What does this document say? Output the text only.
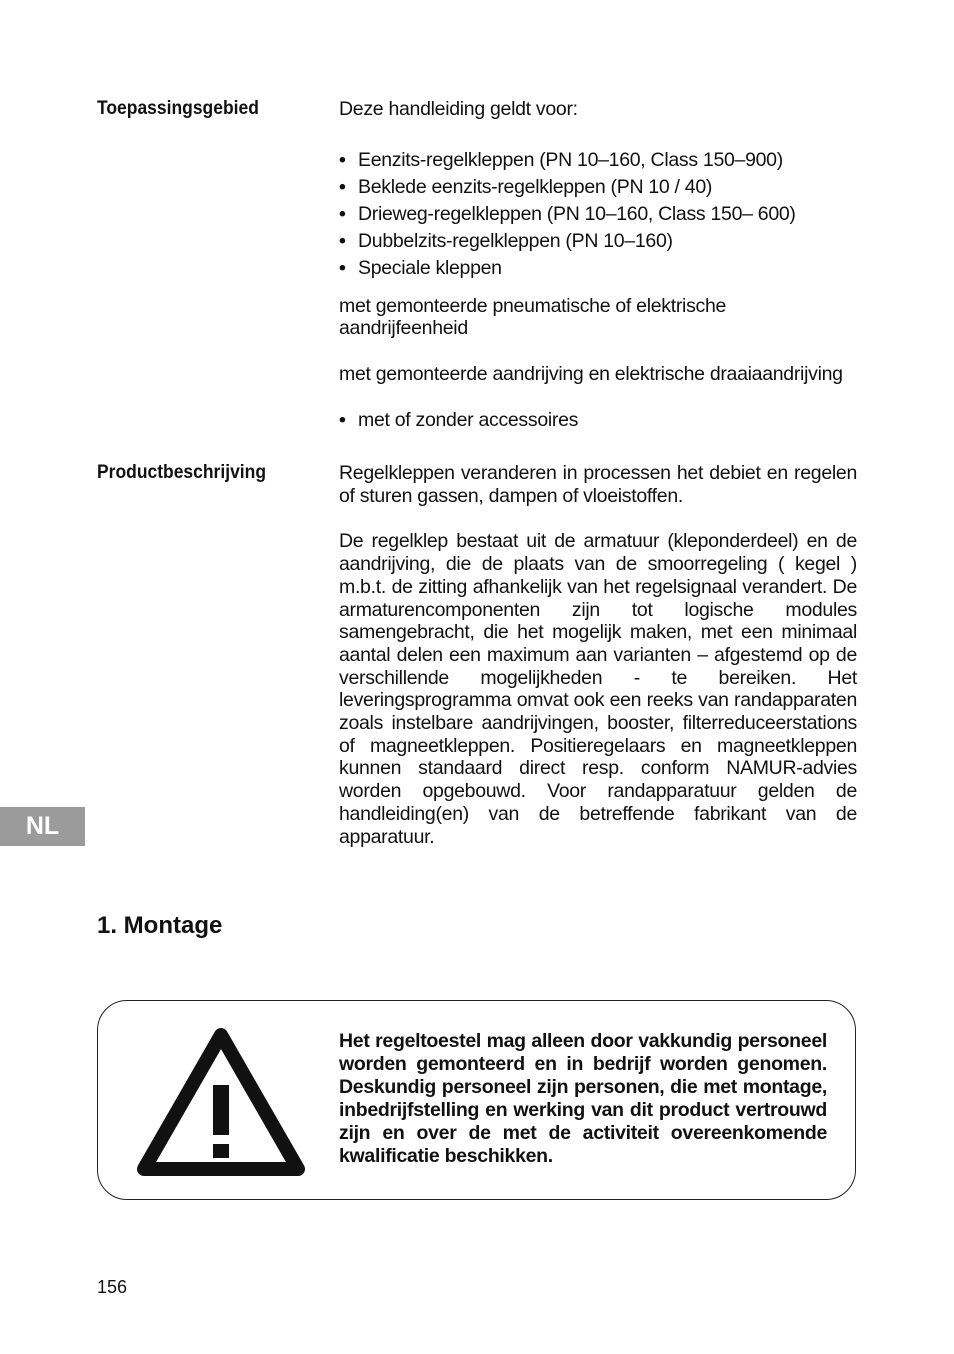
Toepassingsgebied	Deze handleiding geldt voor:

• Eenzits-regelkleppen (PN 10–160, Class 150–900)
• Beklede eenzits-regelkleppen (PN 10 / 40)
• Drieweg-regelkleppen (PN 10–160, Class 150– 600)
• Dubbelzits-regelkleppen (PN 10–160)
• Speciale kleppen

met gemonteerde pneumatische of elektrische aandrijfeenheid

met gemonteerde aandrijving en elektrische draaiaandrijving

• met of zonder accessoires
Productbeschrijving	Regelkleppen veranderen in processen het debiet en regelen of sturen gassen, dampen of vloeistoffen.

De regelklep bestaat uit de armatuur (kleponderdeel) en de aandrijving, die de plaats van de smoorregeling ( kegel ) m.b.t. de zitting afhankelijk van het regelsignaal verandert. De armaturencomponenten zijn tot logische modules samengebracht, die het mogelijk maken, met een minimaal aantal delen een maximum aan varianten – afgestemd op de verschillende mogelijkheden - te bereiken. Het leveringsprogramma omvat ook een reeks van randapparaten zoals instelbare aandrijvingen, booster, filterreduceerstations of magneetkleppen. Positieregelaars en magneetkleppen kunnen standaard direct resp. conform NAMUR-advies worden opgebouwd. Voor randapparatuur gelden de handleiding(en) van de betreffende fabrikant van de apparatuur.

NL
1. Montage
Het regeltoestel mag alleen door vakkundig personeel worden gemonteerd en in bedrijf worden genomen. Deskundig personeel zijn personen, die met montage, inbedrijfstelling en werking van dit product vertrouwd zijn en over de met de activiteit overeenkomende kwalificatie beschikken.
156
